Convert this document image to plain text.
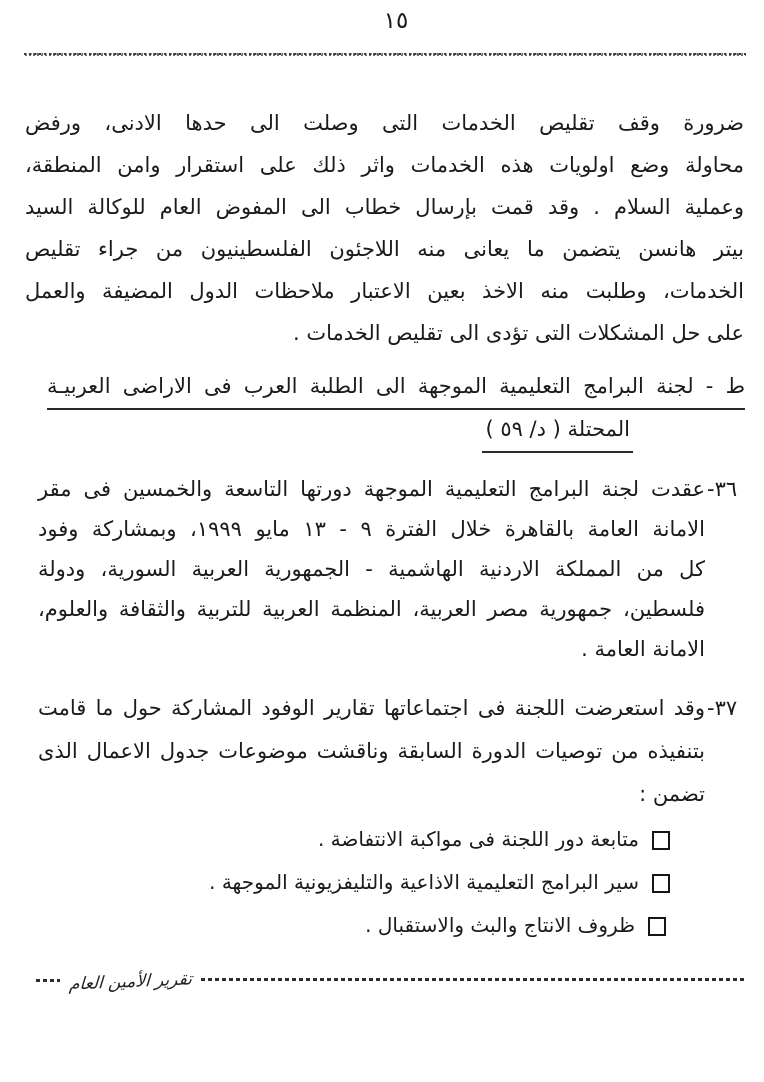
١٥
ضرورة وقف تقليص الخدمات التى وصلت الى حدها الادنى، ورفض
محاولة وضع اولويات هذه الخدمات واثر ذلك على استقرار وامن المنطقة،
وعملية السلام . وقد قمت بإرسال خطاب الى المفوض العام للوكالة السيد
بيتر هانسن يتضمن ما يعانى منه اللاجئون الفلسطينيون من جراء تقليص
الخدمات، وطلبت منه الاخذ بعين الاعتبار ملاحظات الدول المضيفة والعمل
على حل المشكلات التى تؤدى الى تقليص الخدمات .
ط - لجنة البرامج التعليمية الموجهة الى الطلبة العرب فى الاراضى العربيـة
المحتلة ( د/ ٥٩ )
٣٦-
عقدت لجنة البرامج التعليمية الموجهة دورتها التاسعة والخمسين فى مقر
الامانة العامة بالقاهرة خلال الفترة ٩ - ١٣ مايو ١٩٩٩، وبمشاركة وفود
كل من المملكة الاردنية الهاشمية - الجمهورية العربية السورية، ودولة
فلسطين، جمهورية مصر العربية، المنظمة العربية للتربية والثقافة والعلوم،
الامانة العامة .
٣٧-
وقد استعرضت اللجنة فى اجتماعاتها تقارير الوفود المشاركة حول ما قامت
بتنفيذه من توصيات الدورة السابقة وناقشت موضوعات جدول الاعمال الذى
تضمن :
متابعة دور اللجنة فى مواكبة الانتفاضة .
سير البرامج التعليمية الاذاعية والتليفزيونية الموجهة .
ظروف الانتاج والبث والاستقبال .
تقرير الأمين العام
